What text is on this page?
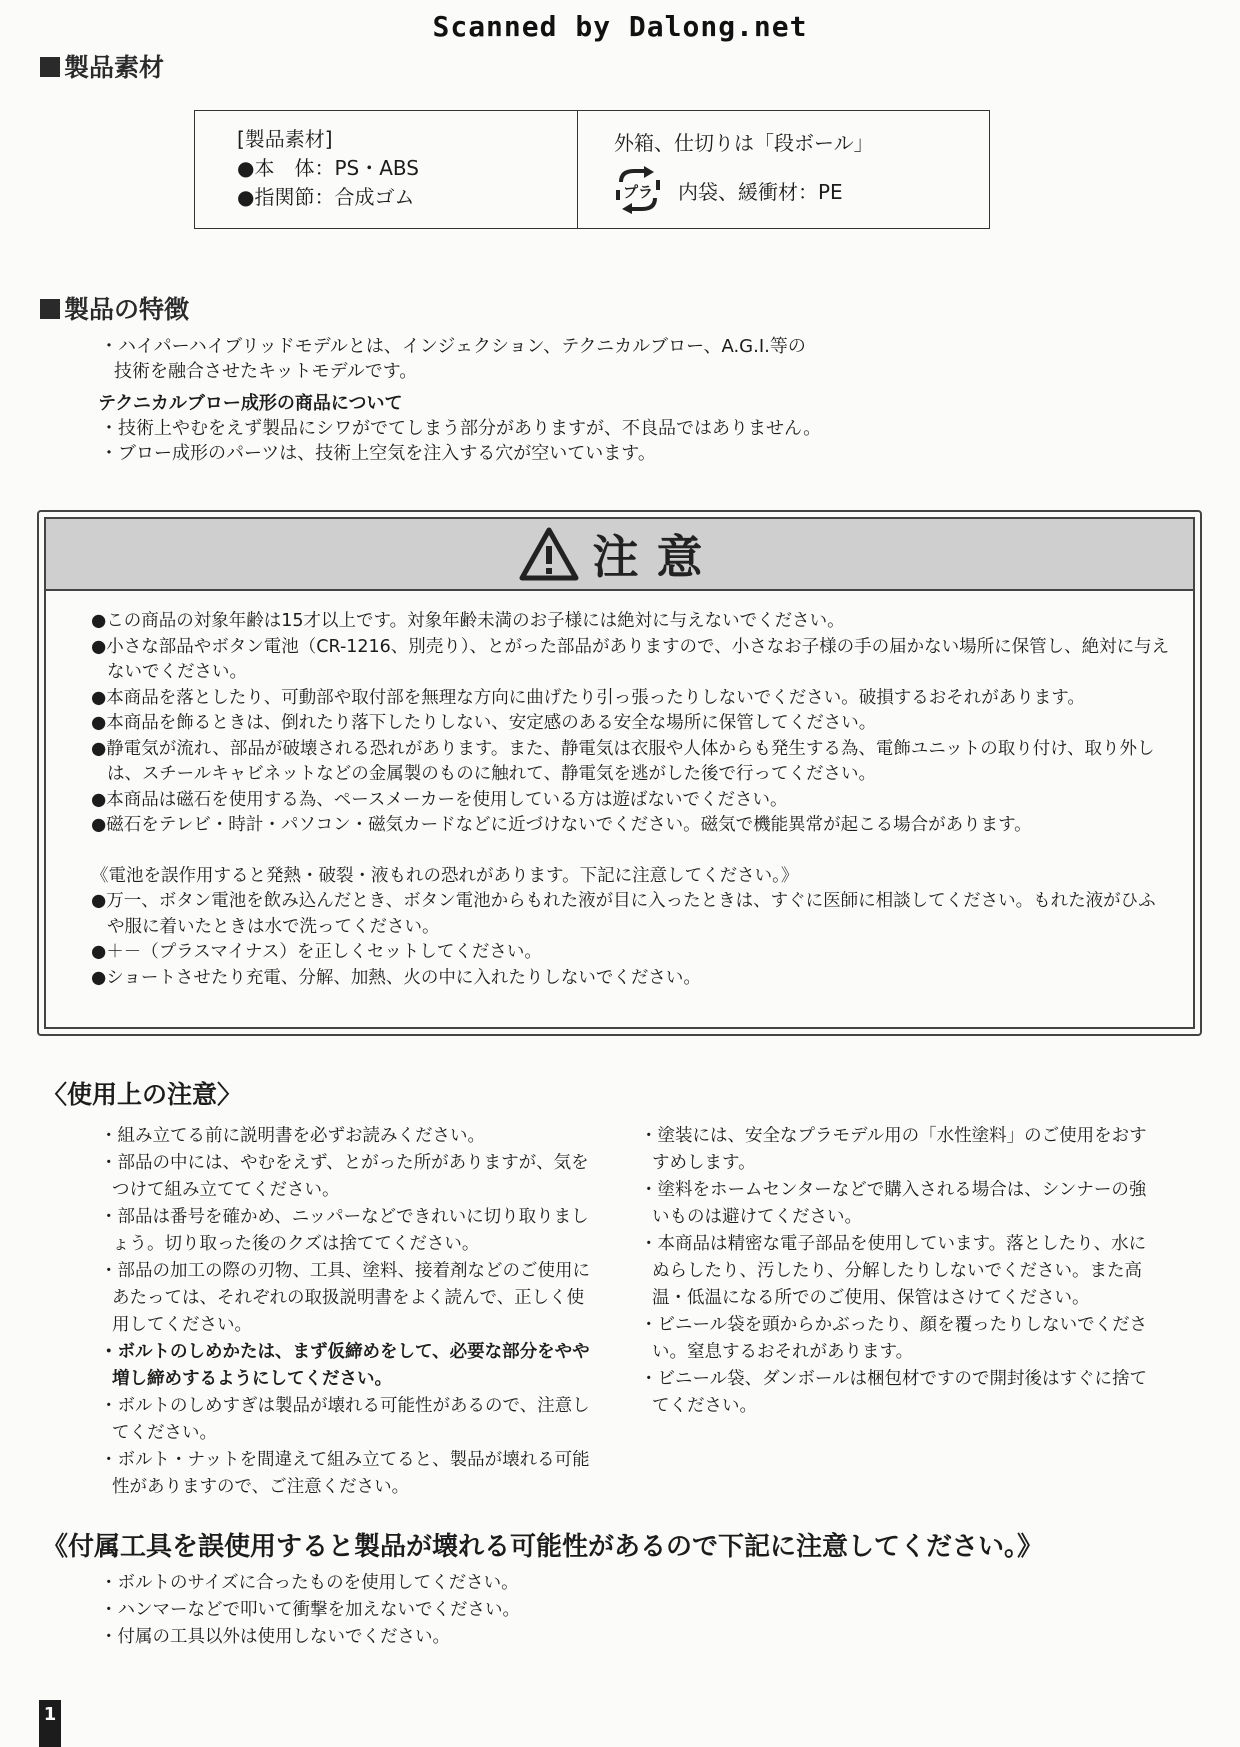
Scanned by Dalong.net
製品素材
[製品素材]
●本　体：PS・ABS
●指関節：合成ゴム
外箱、仕切りは「段ボール」
プラ 内袋、緩衝材：PE
製品の特徴
・ハイパーハイブリッドモデルとは、インジェクション、テクニカルブロー、A.G.I.等の
技術を融合させたキットモデルです。
テクニカルブロー成形の商品について
・技術上やむをえず製品にシワがでてしまう部分がありますが、不良品ではありません。
・ブロー成形のパーツは、技術上空気を注入する穴が空いています。
注意
●この商品の対象年齢は15才以上です。対象年齢未満のお子様には絶対に与えないでください。
●小さな部品やボタン電池（CR-1216、別売り）、とがった部品がありますので、小さなお子様の手の届かない場所に保管し、絶対に与えないでください。
●本商品を落としたり、可動部や取付部を無理な方向に曲げたり引っ張ったりしないでください。破損するおそれがあります。
●本商品を飾るときは、倒れたり落下したりしない、安定感のある安全な場所に保管してください。
●静電気が流れ、部品が破壊される恐れがあります。また、静電気は衣服や人体からも発生する為、電飾ユニットの取り付け、取り外しは、スチールキャビネットなどの金属製のものに触れて、静電気を逃がした後で行ってください。
●本商品は磁石を使用する為、ペースメーカーを使用している方は遊ばないでください。
●磁石をテレビ・時計・パソコン・磁気カードなどに近づけないでください。磁気で機能異常が起こる場合があります。
《電池を誤作用すると発熱・破裂・液もれの恐れがあります。下記に注意してください。》
●万一、ボタン電池を飲み込んだとき、ボタン電池からもれた液が目に入ったときは、すぐに医師に相談してください。もれた液がひふや服に着いたときは水で洗ってください。
●＋－（プラスマイナス）を正しくセットしてください。
●ショートさせたり充電、分解、加熱、火の中に入れたりしないでください。
〈使用上の注意〉
・組み立てる前に説明書を必ずお読みください。
・部品の中には、やむをえず、とがった所がありますが、気をつけて組み立ててください。
・部品は番号を確かめ、ニッパーなどできれいに切り取りましょう。切り取った後のクズは捨ててください。
・部品の加工の際の刃物、工具、塗料、接着剤などのご使用にあたっては、それぞれの取扱説明書をよく読んで、正しく使用してください。
・ボルトのしめかたは、まず仮締めをして、必要な部分をやや増し締めするようにしてください。
・ボルトのしめすぎは製品が壊れる可能性があるので、注意してください。
・ボルト・ナットを間違えて組み立てると、製品が壊れる可能性がありますので、ご注意ください。
・塗装には、安全なプラモデル用の「水性塗料」のご使用をおすすめします。
・塗料をホームセンターなどで購入される場合は、シンナーの強いものは避けてください。
・本商品は精密な電子部品を使用しています。落としたり、水にぬらしたり、汚したり、分解したりしないでください。また高温・低温になる所でのご使用、保管はさけてください。
・ビニール袋を頭からかぶったり、顔を覆ったりしないでください。窒息するおそれがあります。
・ビニール袋、ダンボールは梱包材ですので開封後はすぐに捨ててください。
《付属工具を誤使用すると製品が壊れる可能性があるので下記に注意してください。》
・ボルトのサイズに合ったものを使用してください。
・ハンマーなどで叩いて衝撃を加えないでください。
・付属の工具以外は使用しないでください。
1
